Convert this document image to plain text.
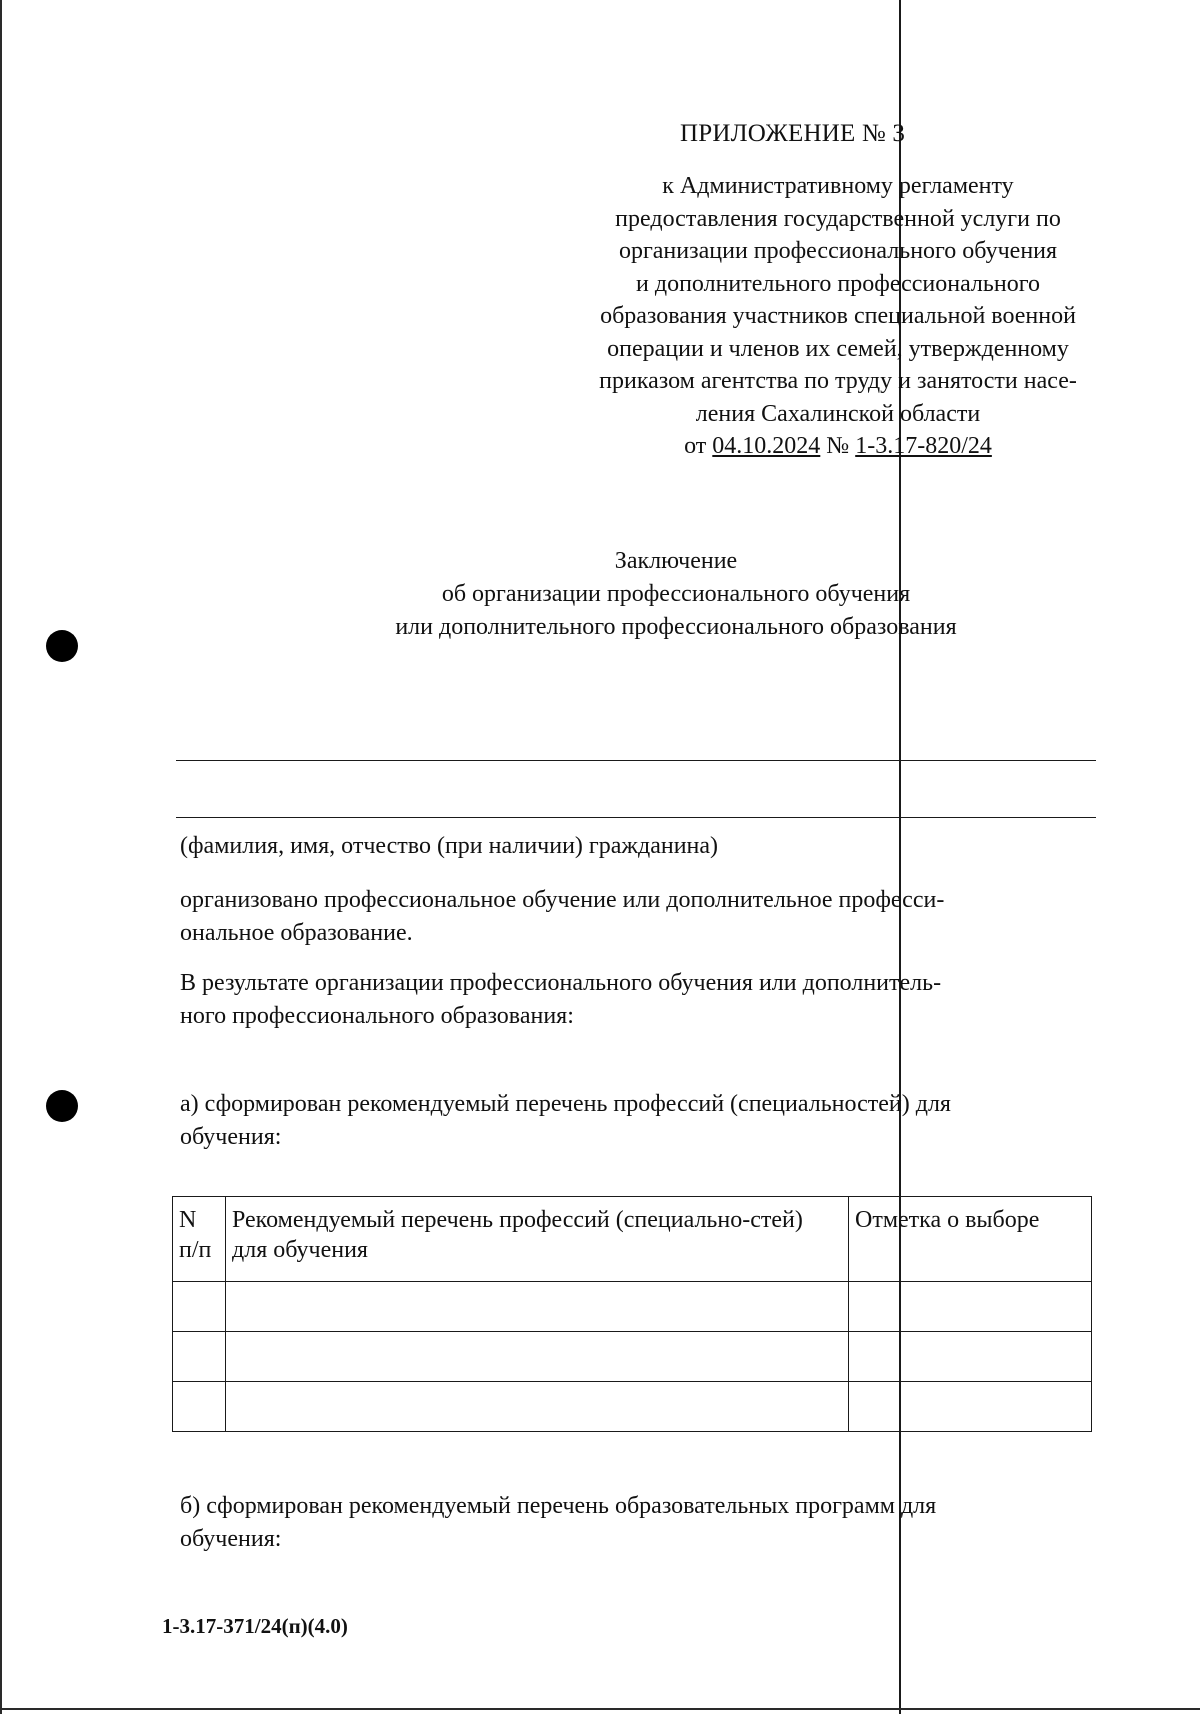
ПРИЛОЖЕНИЕ № 3
к Административному регламенту
предоставления государственной услуги по
организации профессионального обучения
и дополнительного профессионального
образования участников специальной военной
операции и членов их семей, утвержденному
приказом агентства по труду и занятости насе-
ления Сахалинской области
от 04.10.2024 № 1-3.17-820/24
Заключение
об организации профессионального обучения
или дополнительного профессионального образования
(фамилия, имя, отчество (при наличии) гражданина)
организовано профессиональное обучение или дополнительное професси-
ональное образование.
В результате организации профессионального обучения или дополнитель-
ного профессионального образования:
а) сформирован рекомендуемый перечень профессий (специальностей) для
обучения:
N п/п	Рекомендуемый перечень профессий (специально-стей) для обучения	Отметка о выборе

б) сформирован рекомендуемый перечень образовательных программ для
обучения:
1-3.17-371/24(п)(4.0)
